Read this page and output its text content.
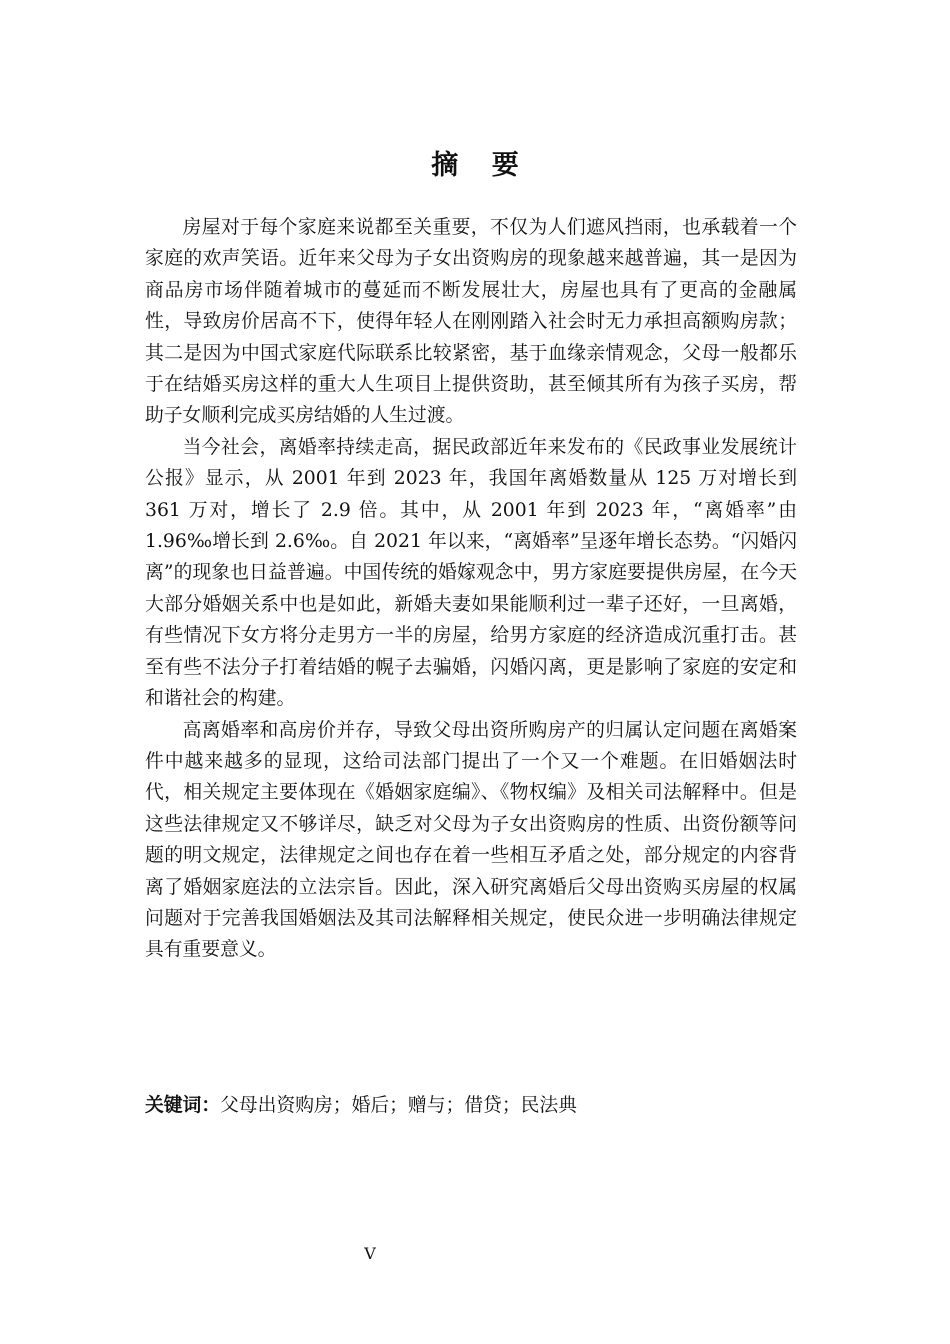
摘 要

房屋对于每个家庭来说都至关重要，不仅为人们遮风挡雨，也承载着一个家庭的欢声笑语。近年来父母为子女出资购房的现象越来越普遍，其一是因为商品房市场伴随着城市的蔓延而不断发展壮大，房屋也具有了更高的金融属性，导致房价居高不下，使得年轻人在刚刚踏入社会时无力承担高额购房款；其二是因为中国式家庭代际联系比较紧密，基于血缘亲情观念，父母一般都乐于在结婚买房这样的重大人生项目上提供资助，甚至倾其所有为孩子买房，帮助子女顺利完成买房结婚的人生过渡。

当今社会，离婚率持续走高，据民政部近年来发布的《民政事业发展统计公报》显示，从 2001 年到 2023 年，我国年离婚数量从 125 万对增长到 361 万对，增长了 2.9 倍。其中，从 2001 年到 2023 年，“离婚率”由 1.96‰增长到 2.6‰。自 2021 年以来，“离婚率”呈逐年增长态势。“闪婚闪离”的现象也日益普遍。中国传统的婚嫁观念中，男方家庭要提供房屋，在今天大部分婚姻关系中也是如此，新婚夫妻如果能顺利过一辈子还好，一旦离婚，有些情况下女方将分走男方一半的房屋，给男方家庭的经济造成沉重打击。甚至有些不法分子打着结婚的幌子去骗婚，闪婚闪离，更是影响了家庭的安定和和谐社会的构建。

高离婚率和高房价并存，导致父母出资所购房产的归属认定问题在离婚案件中越来越多的显现，这给司法部门提出了一个又一个难题。在旧婚姻法时代，相关规定主要体现在《婚姻家庭编》、《物权编》及相关司法解释中。但是这些法律规定又不够详尽，缺乏对父母为子女出资购房的性质、出资份额等问题的明文规定，法律规定之间也存在着一些相互矛盾之处，部分规定的内容背离了婚姻家庭法的立法宗旨。因此，深入研究离婚后父母出资购买房屋的权属问题对于完善我国婚姻法及其司法解释相关规定，使民众进一步明确法律规定具有重要意义。

关键词：父母出资购房；婚后；赠与；借贷；民法典
V
